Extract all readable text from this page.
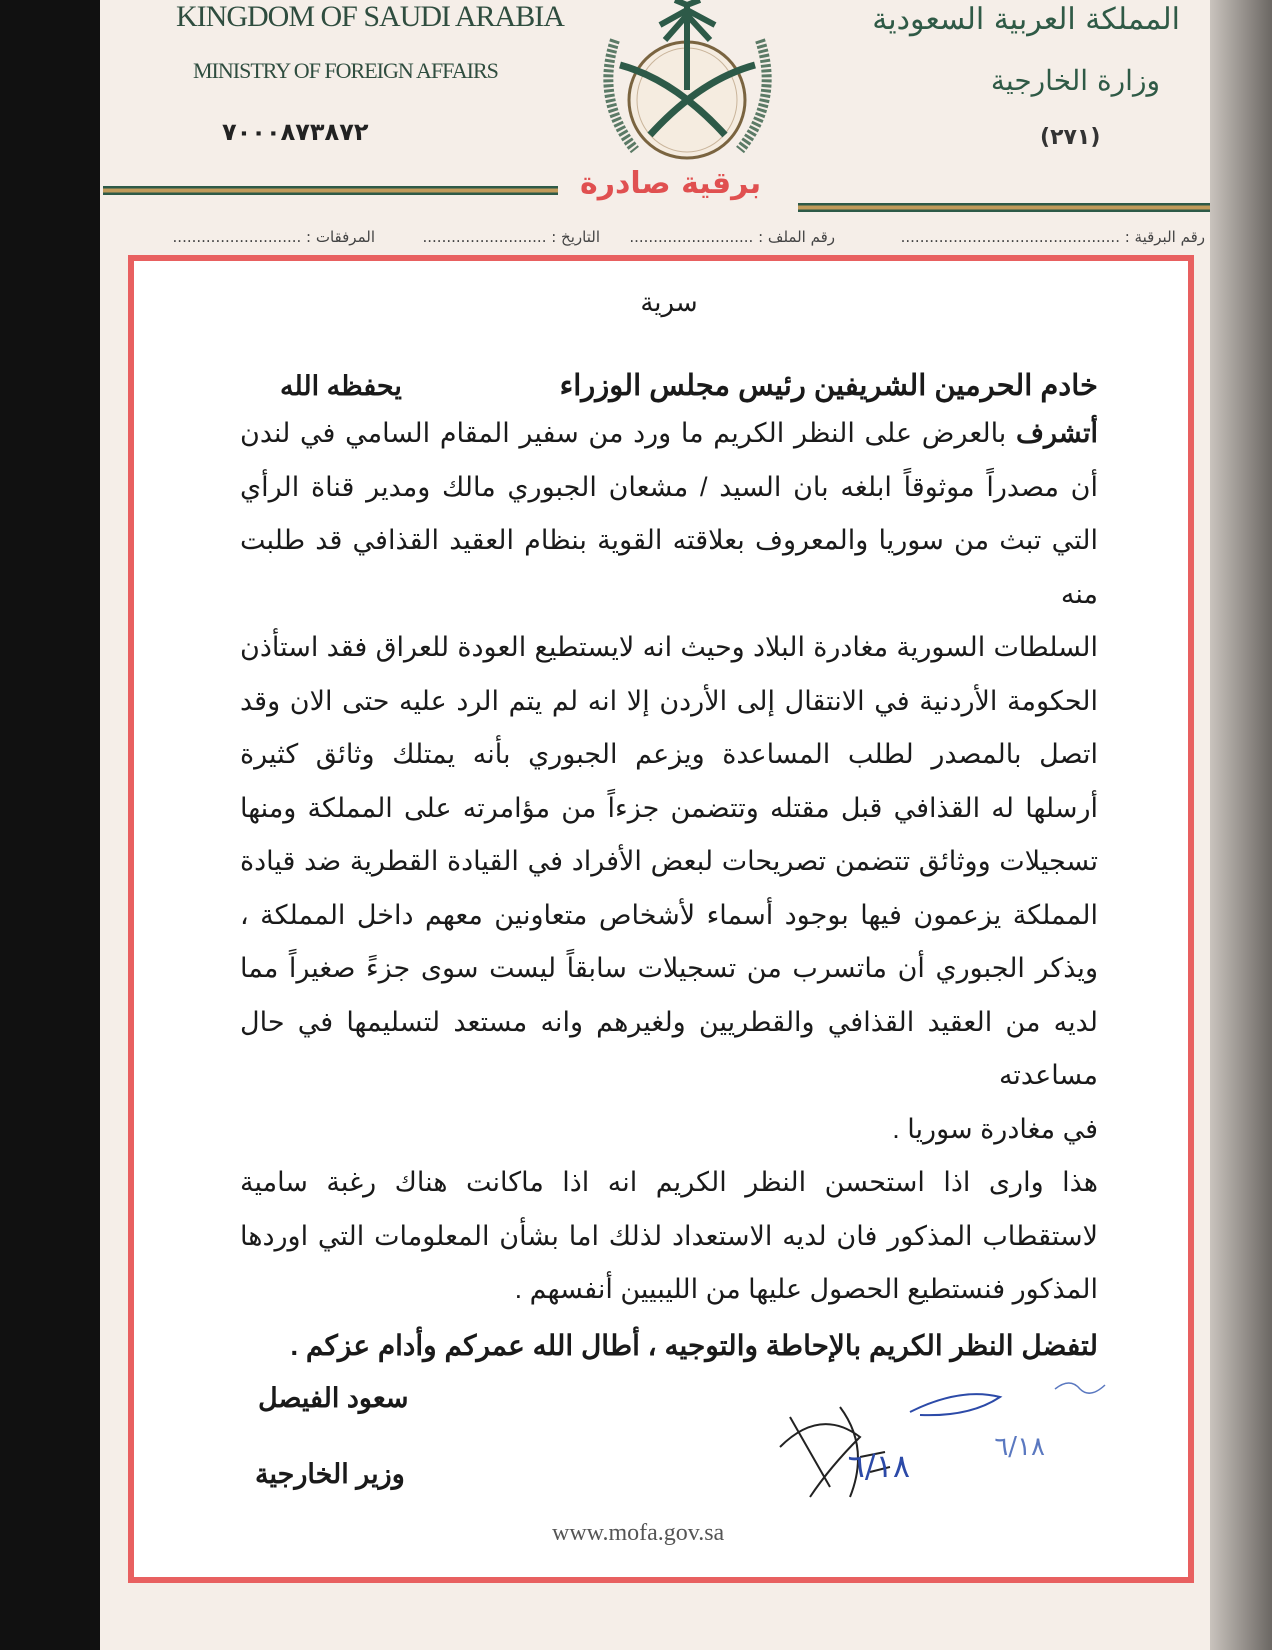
KINGDOM OF SAUDI ARABIA
MINISTRY OF FOREIGN AFFAIRS
٧٠٠٠٨٧٣٨٧٢
المملكة العربية السعودية
وزارة الخارجية
(٢٧١)
برقية صادرة
رقم البرقية : ..............................................
رقم الملف : ..........................
التاريخ : ..........................
المرفقات : ...........................
سرية
خادم الحرمين الشريفين رئيس مجلس الوزراء
يحفظه الله

أتشرف بالعرض على النظر الكريم ما ورد من سفير المقام السامي في لندن

أن مصدراً موثوقاً ابلغه بان السيد / مشعان الجبوري مالك ومدير قناة الرأي

التي تبث من سوريا والمعروف بعلاقته القوية بنظام العقيد القذافي قد طلبت منه

السلطات السورية مغادرة البلاد وحيث انه لايستطيع العودة للعراق فقد استأذن

الحكومة الأردنية في الانتقال إلى الأردن إلا انه لم يتم الرد عليه حتى الان وقد

اتصل بالمصدر لطلب المساعدة ويزعم الجبوري بأنه يمتلك وثائق كثيرة

أرسلها له القذافي قبل مقتله وتتضمن جزءاً من مؤامرته على المملكة ومنها

تسجيلات ووثائق تتضمن تصريحات لبعض الأفراد في القيادة القطرية ضد قيادة

المملكة يزعمون فيها بوجود أسماء لأشخاص متعاونين معهم داخل المملكة ،

ويذكر الجبوري أن ماتسرب من تسجيلات سابقاً ليست سوى جزءً صغيراً مما

لديه من العقيد القذافي والقطريين ولغيرهم وانه مستعد لتسليمها في حال مساعدته

في مغادرة سوريا .

هذا وارى اذا استحسن النظر الكريم انه اذا ماكانت هناك رغبة سامية

لاستقطاب المذكور فان لديه الاستعداد لذلك اما بشأن المعلومات التي اوردها

المذكور فنستطيع الحصول عليها من الليبيين أنفسهم .

لتفضل النظر الكريم بالإحاطة والتوجيه ، أطال الله عمركم وأدام عزكم .
سعود الفيصل
وزير الخارجية	٦/١٨	٦/١٨
www.mofa.gov.sa
